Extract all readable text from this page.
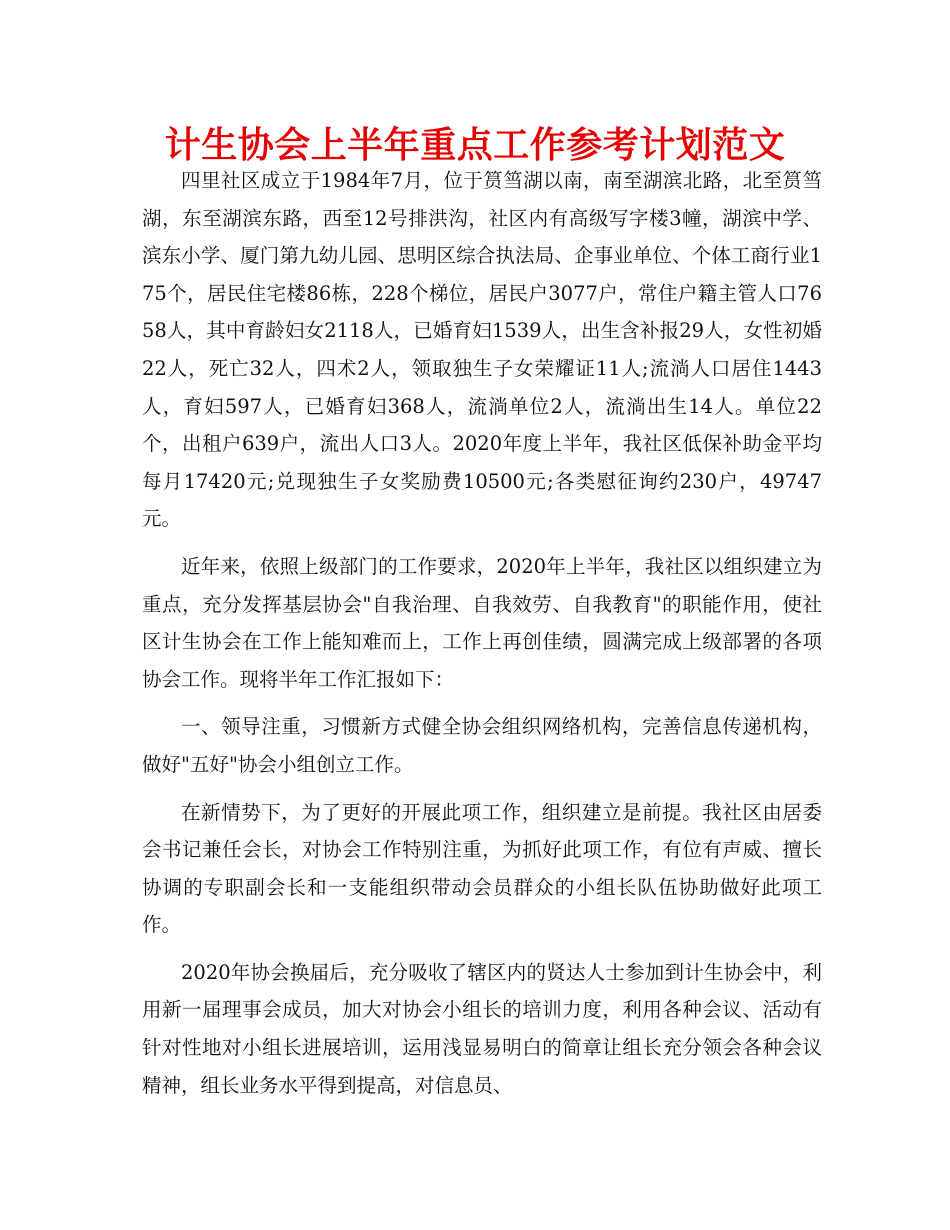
计生协会上半年重点工作参考计划范文

四里社区成立于1984年7月，位于筼筜湖以南，南至湖滨北路，北至筼筜湖，东至湖滨东路，西至12号排洪沟，社区内有高级写字楼3幢，湖滨中学、滨东小学、厦门第九幼儿园、思明区综合执法局、企事业单位、个体工商行业175个，居民住宅楼86栋，228个梯位，居民户3077户，常住户籍主管人口7658人，其中育龄妇女2118人，已婚育妇1539人，出生含补报29人，女性初婚22人，死亡32人，四术2人，领取独生子女荣耀证11人;流淌人口居住1443人，育妇597人，已婚育妇368人，流淌单位2人，流淌出生14人。单位22个，出租户639户，流出人口3人。2020年度上半年，我社区低保补助金平均每月17420元;兑现独生子女奖励费10500元;各类慰征询约230户，49747元。

近年来，依照上级部门的工作要求，2020年上半年，我社区以组织建立为重点，充分发挥基层协会"自我治理、自我效劳、自我教育"的职能作用，使社区计生协会在工作上能知难而上，工作上再创佳绩，圆满完成上级部署的各项协会工作。现将半年工作汇报如下：

一、领导注重，习惯新方式健全协会组织网络机构，完善信息传递机构，做好"五好"协会小组创立工作。

在新情势下，为了更好的开展此项工作，组织建立是前提。我社区由居委会书记兼任会长，对协会工作特别注重，为抓好此项工作，有位有声威、擅长协调的专职副会长和一支能组织带动会员群众的小组长队伍协助做好此项工作。

2020年协会换届后，充分吸收了辖区内的贤达人士参加到计生协会中，利用新一届理事会成员，加大对协会小组长的培训力度，利用各种会议、活动有针对性地对小组长进展培训，运用浅显易明白的简章让组长充分领会各种会议精神，组长业务水平得到提高，对信息员、
